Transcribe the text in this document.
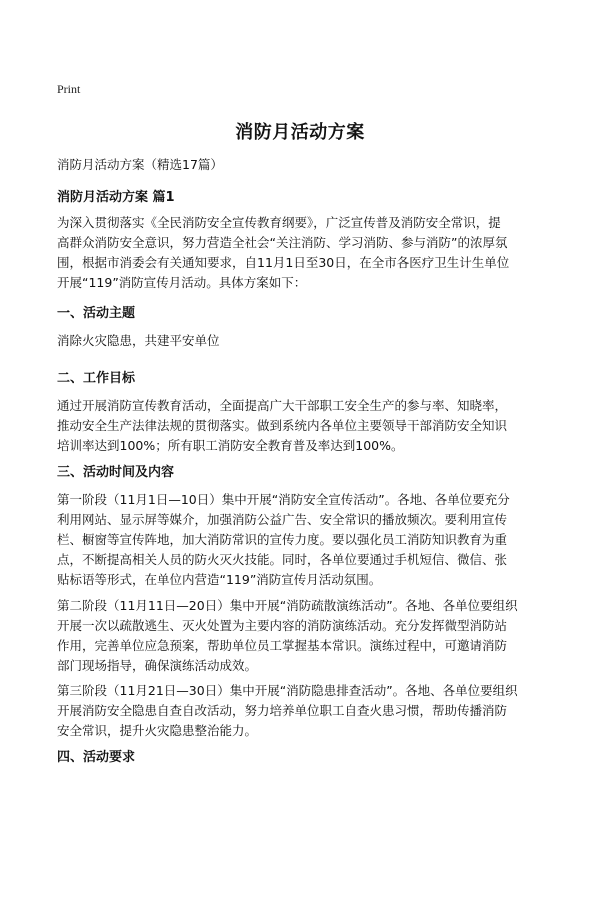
Print
消防月活动方案
消防月活动方案（精选17篇）
消防月活动方案 篇1
为深入贯彻落实《全民消防安全宣传教育纲要》，广泛宣传普及消防安全常识，提
高群众消防安全意识，努力营造全社会“关注消防、学习消防、参与消防”的浓厚氛
围，根据市消委会有关通知要求，自11月1日至30日，在全市各医疗卫生计生单位
开展“119”消防宣传月活动。具体方案如下：
一、活动主题
消除火灾隐患，共建平安单位
二、工作目标
通过开展消防宣传教育活动，全面提高广大干部职工安全生产的参与率、知晓率，
推动安全生产法律法规的贯彻落实。做到系统内各单位主要领导干部消防安全知识
培训率达到100%；所有职工消防安全教育普及率达到100%。
三、活动时间及内容
第一阶段（11月1日—10日）集中开展“消防安全宣传活动”。各地、各单位要充分
利用网站、显示屏等媒介，加强消防公益广告、安全常识的播放频次。要利用宣传
栏、橱窗等宣传阵地，加大消防常识的宣传力度。要以强化员工消防知识教育为重
点，不断提高相关人员的防火灭火技能。同时，各单位要通过手机短信、微信、张
贴标语等形式，在单位内营造“119”消防宣传月活动氛围。
第二阶段（11月11日—20日）集中开展“消防疏散演练活动”。各地、各单位要组织
开展一次以疏散逃生、灭火处置为主要内容的消防演练活动。充分发挥微型消防站
作用，完善单位应急预案，帮助单位员工掌握基本常识。演练过程中，可邀请消防
部门现场指导，确保演练活动成效。
第三阶段（11月21日—30日）集中开展“消防隐患排查活动”。各地、各单位要组织
开展消防安全隐患自查自改活动，努力培养单位职工自查火患习惯，帮助传播消防
安全常识，提升火灾隐患整治能力。
四、活动要求
